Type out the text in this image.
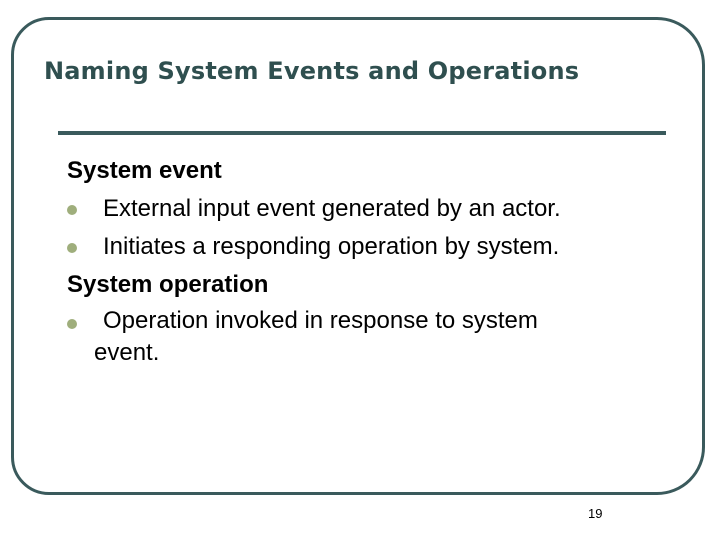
Naming System Events and Operations
System event
External input event generated by an actor.
Initiates a responding operation by system.
System operation
Operation invoked in response to system
event.
19
